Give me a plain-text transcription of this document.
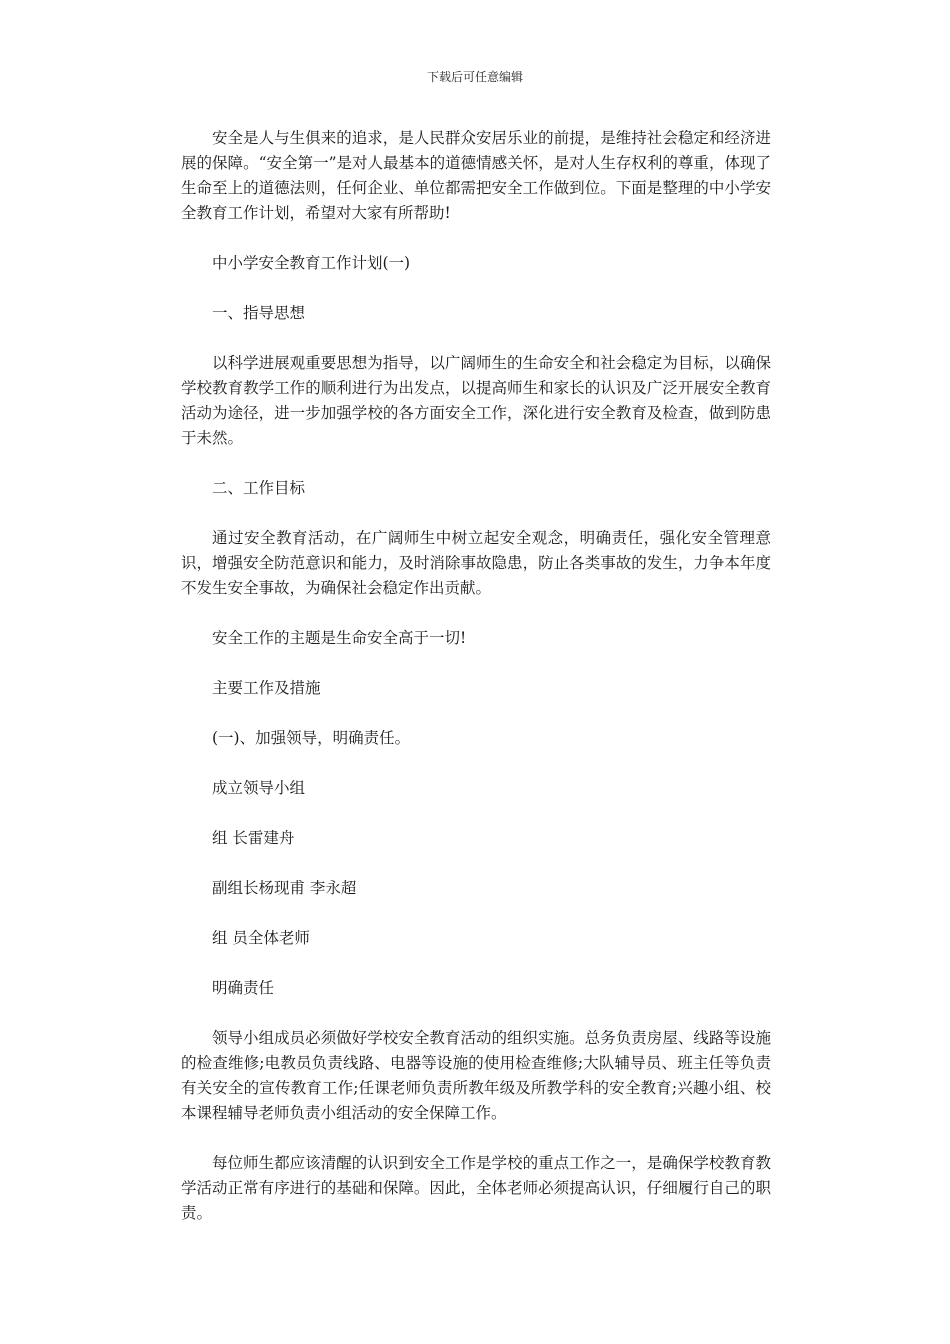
下载后可任意编辑

安全是人与生俱来的追求，是人民群众安居乐业的前提，是维持社会稳定和经济进展的保障。“安全第一”是对人最基本的道德情感关怀，是对人生存权利的尊重，体现了生命至上的道德法则，任何企业、单位都需把安全工作做到位。下面是整理的中小学安全教育工作计划，希望对大家有所帮助!

中小学安全教育工作计划(一)

一、指导思想

以科学进展观重要思想为指导，以广阔师生的生命安全和社会稳定为目标，以确保学校教育教学工作的顺利进行为出发点，以提高师生和家长的认识及广泛开展安全教育活动为途径，进一步加强学校的各方面安全工作，深化进行安全教育及检查，做到防患于未然。

二、工作目标

通过安全教育活动，在广阔师生中树立起安全观念，明确责任，强化安全管理意识，增强安全防范意识和能力，及时消除事故隐患，防止各类事故的发生，力争本年度不发生安全事故，为确保社会稳定作出贡献。

安全工作的主题是生命安全高于一切!

主要工作及措施

(一)、加强领导，明确责任。

成立领导小组

组 长雷建舟

副组长杨现甫 李永超

组 员全体老师

明确责任

领导小组成员必须做好学校安全教育活动的组织实施。总务负责房屋、线路等设施的检查维修;电教员负责线路、电器等设施的使用检查维修;大队辅导员、班主任等负责有关安全的宣传教育工作;任课老师负责所教年级及所教学科的安全教育;兴趣小组、校本课程辅导老师负责小组活动的安全保障工作。

每位师生都应该清醒的认识到安全工作是学校的重点工作之一，是确保学校教育教学活动正常有序进行的基础和保障。因此，全体老师必须提高认识，仔细履行自己的职责。
